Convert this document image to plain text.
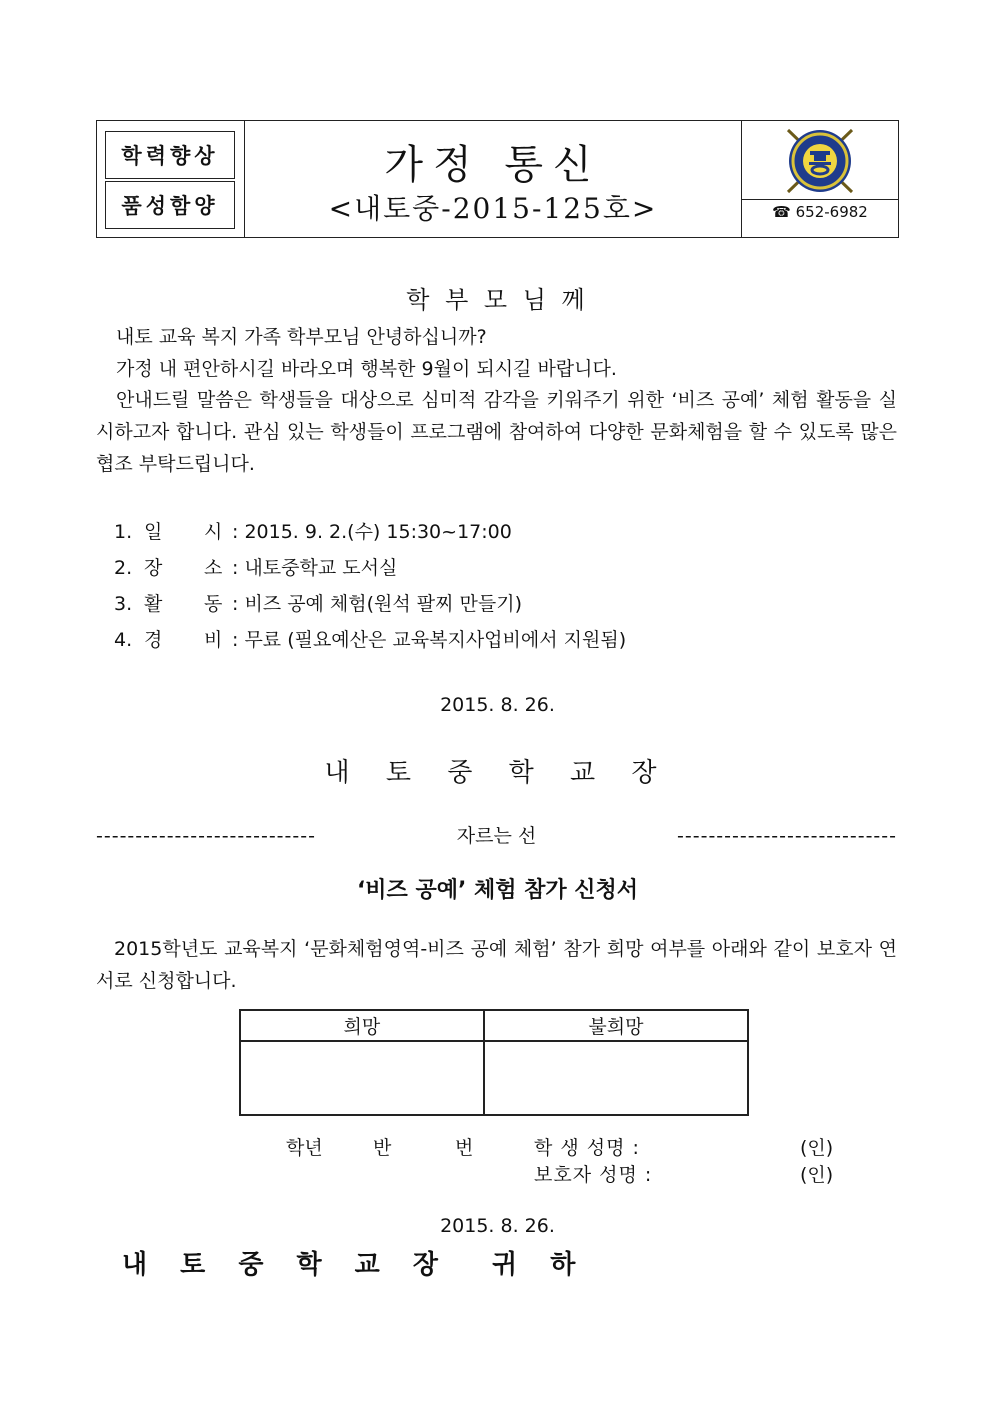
학력향상
품성함양
가정 통신
<내토중-2015-125호>	☎ 652-6982
학 부 모 님 께
내토 교육 복지 가족 학부모님 안녕하십니까?
가정 내 편안하시길 바라오며 행복한 9월이 되시길 바랍니다.
안내드릴 말씀은 학생들을 대상으로 심미적 감각을 키워주기 위한 ‘비즈 공예’ 체험 활동을 실시하고자 합니다. 관심 있는 학생들이 프로그램에 참여하여 다양한 문화체험을 할 수 있도록 많은 협조 부탁드립니다.
1. 일 시 : 2015. 9. 2.(수) 15:30~17:00
2. 장 소 : 내토중학교 도서실
3. 활 동 : 비즈 공예 체험(원석 팔찌 만들기)
4. 경 비 : 무료 (필요예산은 교육복지사업비에서 지원됨)
2015. 8. 26.
내 토 중 학 교 장
----------------------------	자르는 선	----------------------------
‘비즈 공예’ 체험 참가 신청서
2015학년도 교육복지 ‘문화체험영역-비즈 공예 체험’ 참가 희망 여부를 아래와 같이 보호자 연서로 신청합니다.
희망	불희망

학년	반	번	학 생 성명 :	(인)
보호자 성명 :	(인)
2015. 8. 26.
내 토 중 학 교 장  귀 하
